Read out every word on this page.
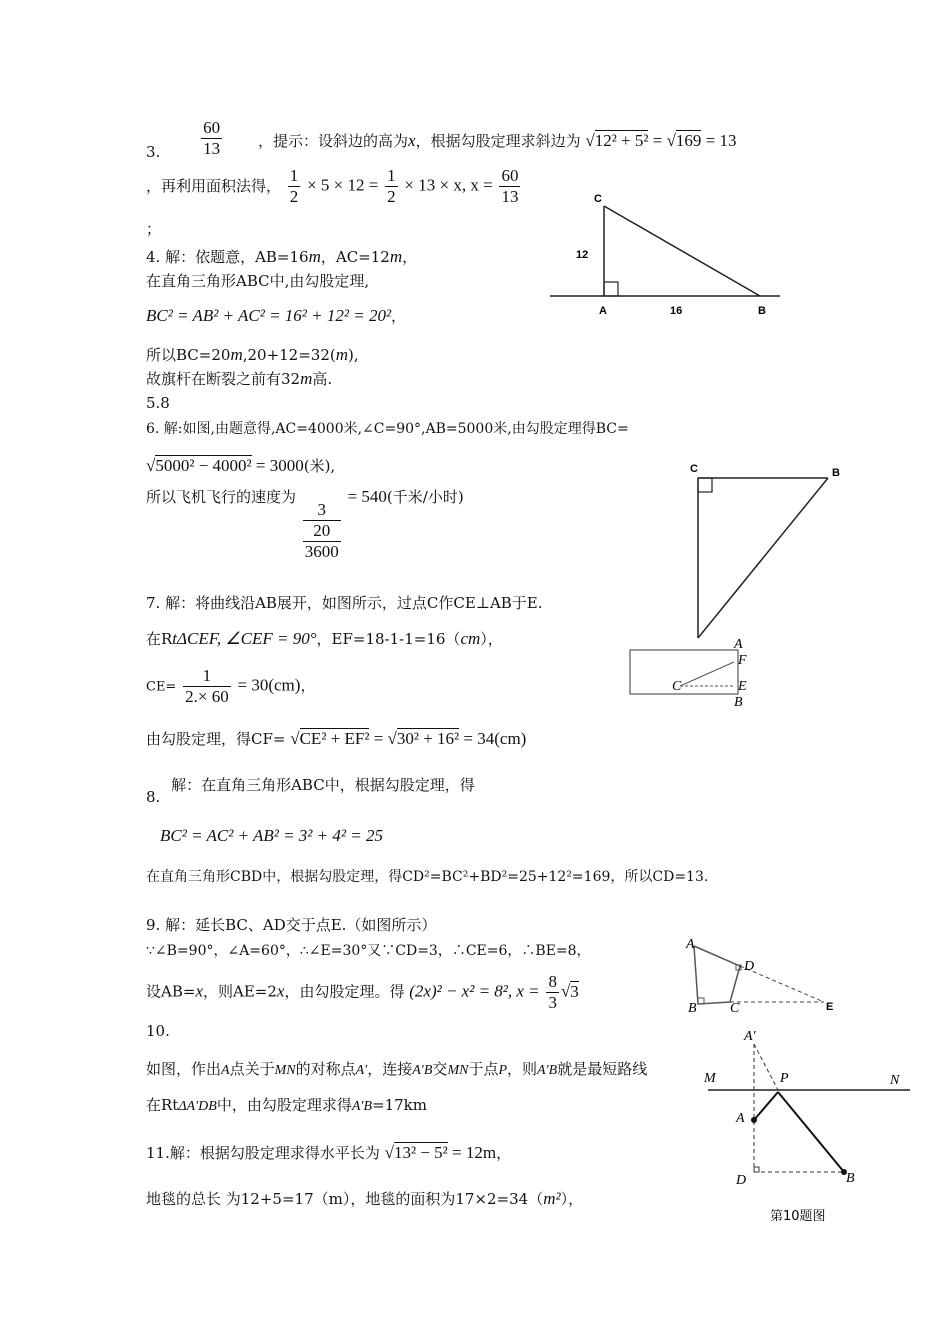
3. $\frac{60}{13}$ ，提示：设斜边的高为x，根据勾股定理求斜边为 √12² + 5² = √169 = 13
，再利用面积法得， $\frac{1}{2} \times 5 \times 12 = \frac{1}{2} \times 13 \times x$, $x = \frac{60}{13}$
；
C
12
A	16	B
4. 解：依题意，AB=16m，AC=12m，
在直角三角形ABC中,由勾股定理,
BC² = AB² + AC² = 16² + 12² = 20²，
所以BC=20m,20+12=32(m),
故旗杆在断裂之前有32m高.
5.8
6. 解:如图,由题意得,AC=4000米,∠C=90°,AB=5000米,由勾股定理得BC=
√5000² − 4000² = 3000(米),
所以飞机飞行的速度为
3
20
3600
= 540(千米/小时)
C	B
7. 解：将曲线沿AB展开，如图所示，过点C作CE⊥AB于E.
在RtΔCEF, ∠CEF = 90°，EF=18-1-1=16（cm），
$CE= \frac{1}{2.\times 60} = 30(cm)$，
由勾股定理，得CF= √CE² + EF² = √30² + 16² = 34(cm)
A
F
C	E
B
8. 解：在直角三角形ABC中，根据勾股定理，得
BC² = AC² + AB² = 3² + 4² = 25
在直角三角形CBD中，根据勾股定理，得CD²=BC²+BD²=25+12²=169，所以CD=13.
9. 解：延长BC、AD交于点E.（如图所示）
∵∠B=90°，∠A=60°，∴∠E=30°又∵CD=3，∴CE=6，∴BE=8，
设AB=x，则AE=2x，由勾股定理。得 (2x)² − x² = 8², $x = \frac{8}{3} √3$
A
D
B C	E
10.
如图，作出A点关于MN的对称点A′，连接A′B交MN于点P，则A′B就是最短路线
在RtΔA′DB中，由勾股定理求得A′B=17km
A′
M	P	N
A
D	B
第10题图
11.解：根据勾股定理求得水平长为 √13² − 5² = 12m，
地毯的总长 为12+5=17（m），地毯的面积为17×2=34（m²），
